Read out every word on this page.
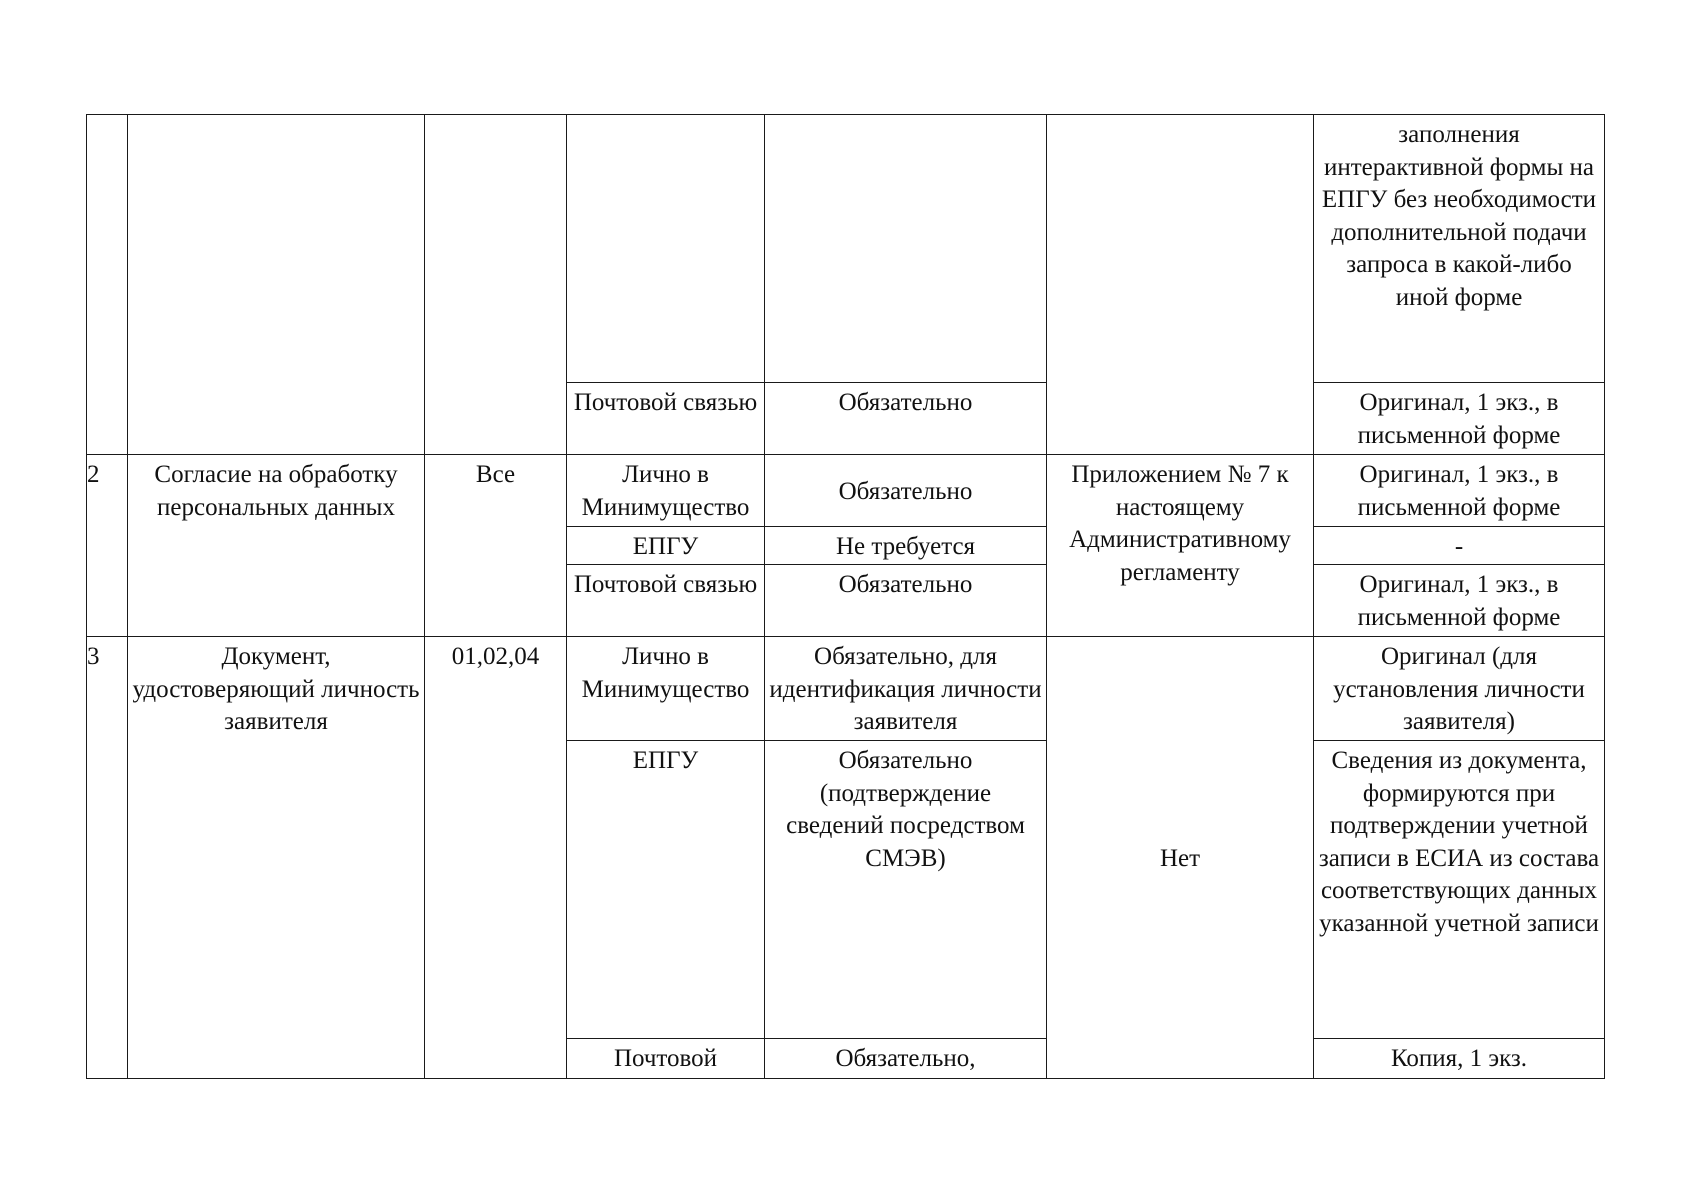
						заполнения интерактивной формы на ЕПГУ без необходимости дополнительной подачи запроса в какой-либо иной форме
			Почтовой связью	Обязательно		Оригинал, 1 экз., в письменной форме
2	Согласие на обработку персональных данных	Все	Лично в Минимущество	Обязательно	Приложением № 7 к настоящему Административному регламенту	Оригинал, 1 экз., в письменной форме
			ЕПГУ	Не требуется		-
			Почтовой связью	Обязательно		Оригинал, 1 экз., в письменной форме
3	Документ, удостоверяющий личность заявителя	01,02,04	Лично в Минимущество	Обязательно, для идентификация личности заявителя	Нет	Оригинал (для установления личности заявителя)
			ЕПГУ	Обязательно (подтверждение сведений посредством СМЭВ)		Сведения из документа, формируются при подтверждении учетной записи в ЕСИА из состава соответствующих данных указанной учетной записи
			Почтовой	Обязательно,		Копия, 1 экз.
